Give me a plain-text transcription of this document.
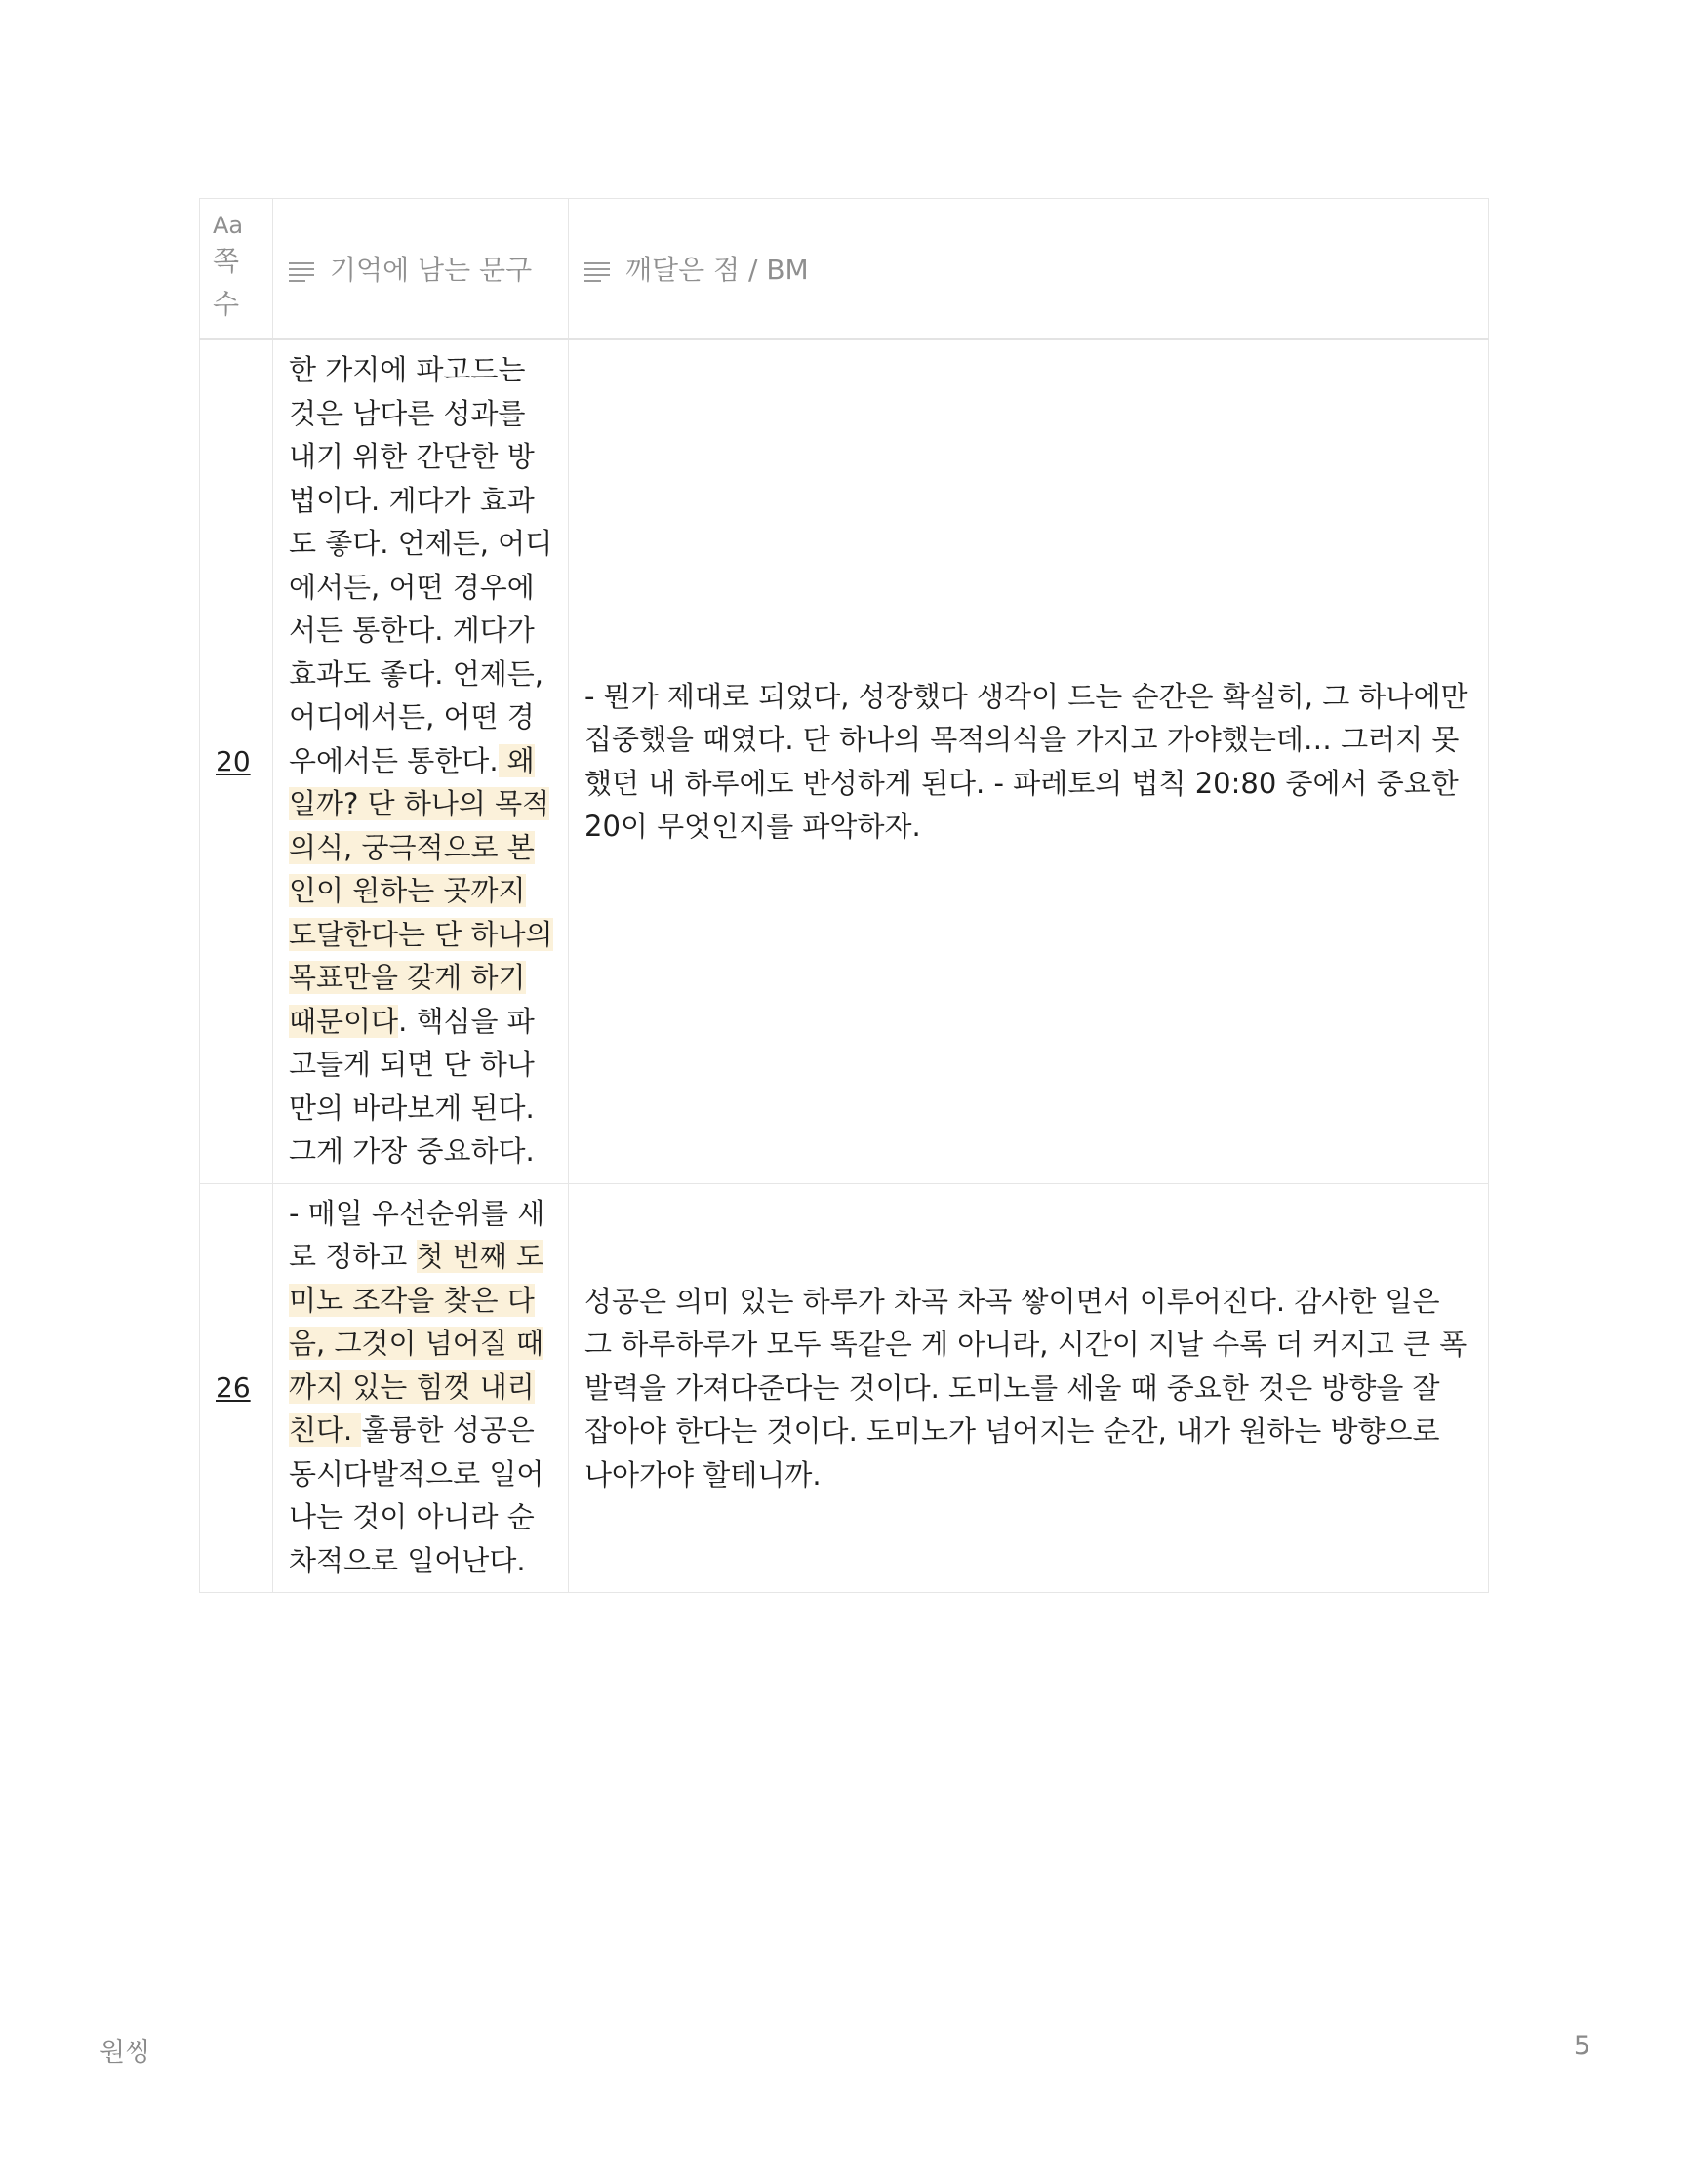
Aa
쪽수	기억에 남는 문구	깨달은 점 / BM
20	한 가지에 파고드는 것은 남다른 성과를 내기 위한 간단한 방법이다. 게다가 효과도 좋다. 언제든, 어디에서든, 어떤 경우에서든 통한다. 게다가 효과도 좋다. 언제든, 어디에서든, 어떤 경우에서든 통한다. 왜일까? 단 하나의 목적의식, 궁극적으로 본인이 원하는 곳까지 도달한다는 단 하나의 목표만을 갖게 하기 때문이다. 핵심을 파고들게 되면 단 하나만의 바라보게 된다. 그게 가장 중요하다.	- 뭔가 제대로 되었다, 성장했다 생각이 드는 순간은 확실히, 그 하나에만 집중했을 때였다. 단 하나의 목적의식을 가지고 가야했는데… 그러지 못했던 내 하루에도 반성하게 된다. - 파레토의 법칙 20:80 중에서 중요한 20이 무엇인지를 파악하자.
26	- 매일 우선순위를 새로 정하고 첫 번째 도미노 조각을 찾은 다음, 그것이 넘어질 때까지 있는 힘껏 내리친다. 훌륭한 성공은 동시다발적으로 일어나는 것이 아니라 순차적으로 일어난다.	성공은 의미 있는 하루가 차곡 차곡 쌓이면서 이루어진다. 감사한 일은 그 하루하루가 모두 똑같은 게 아니라, 시간이 지날 수록 더 커지고 큰 폭발력을 가져다준다는 것이다. 도미노를 세울 때 중요한 것은 방향을 잘 잡아야 한다는 것이다. 도미노가 넘어지는 순간, 내가 원하는 방향으로 나아가야 할테니까.
원씽	5
